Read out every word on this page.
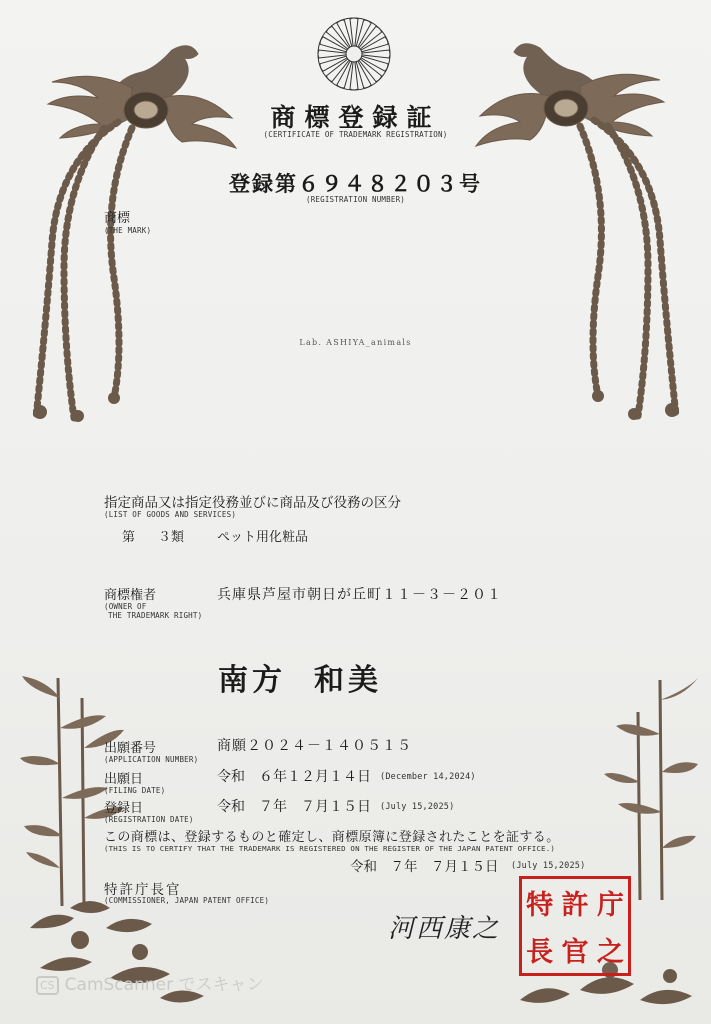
商標登録証
(CERTIFICATE OF TRADEMARK REGISTRATION)
登録第６９４８２０３号
(REGISTRATION NUMBER)
商標
(THE MARK)
Lab. ASHIYA_animals
指定商品又は指定役務並びに商品及び役務の区分
(LIST OF GOODS AND SERVICES)
第 ３類	ペット用化粧品
商標権者
(OWNER OF
THE TRADEMARK RIGHT)
兵庫県芦屋市朝日が丘町１１－３－２０１
南方 和美
出願番号
(APPLICATION NUMBER)
商願２０２４－１４０５１５
出願日
(FILING DATE)
令和　６年１２月１４日 (December 14,2024)
登録日
(REGISTRATION DATE)
令和　７年　７月１５日 (July 15,2025)
この商標は、登録するものと確定し、商標原簿に登録されたことを証する。
(THIS IS TO CERTIFY THAT THE TRADEMARK IS REGISTERED ON THE REGISTER OF THE JAPAN PATENT OFFICE.)
令和　７年　７月１５日 (July 15,2025)
特許庁長官
(COMMISSIONER, JAPAN PATENT OFFICE)
河西康之
特 許 庁
長 官 之
CS CamScanner でスキャン
